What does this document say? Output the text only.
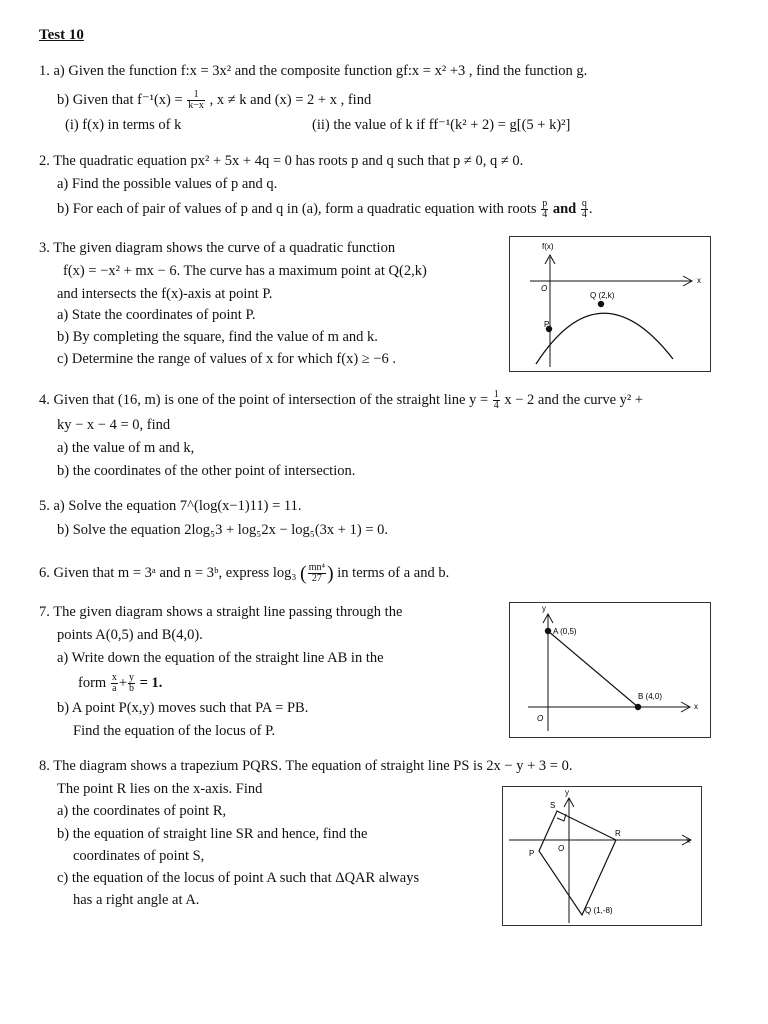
Test 10
1. a) Given the function f:x = 3x² and the composite function gf:x = x² +3 , find the function g.
b) Given that $f^{-1}(x) = \frac{1}{k-x}$ , x ≠ k and (x) = 2 + x , find
(i) f(x) in terms of k	(ii) the value of k if ff⁻¹(k² + 2) = g[(5 + k)²]
2. The quadratic equation px² + 5x + 4q = 0 has roots p and q such that p ≠ 0, q ≠ 0.
a) Find the possible values of p and q.
b) For each of pair of values of p and q in (a), form a quadratic equation with roots $\frac{p}{4}$ and $\frac{q}{4}$ .
3. The given diagram shows the curve of a quadratic function
f(x) = −x² + mx − 6. The curve has a maximum point at Q(2,k)
and intersects the f(x)-axis at point P.
a) State the coordinates of point P.
b) By completing the square, find the value of m and k.
c) Determine the range of values of x for which f(x) ≥ −6 .
f(x)
x
O
Q (2,k)
P
4. Given that (16, m) is one of the point of intersection of the straight line $y = \frac{1}{4}$ x − 2 and the curve y² +
ky − x − 4 = 0, find
a) the value of m and k,
b) the coordinates of the other point of intersection.
5. a) Solve the equation 7^(log(x−1)11) = 11.
b) Solve the equation 2log₅3 + log₅2x − log₅(3x + 1) = 0.
6. Given that m = 3ᵃ and n = 3ᵇ, express log₃ ( $\frac{\text{mn⁴}}{27}$ ) in terms of a and b.
7. The given diagram shows a straight line passing through the
points A(0,5) and B(4,0).
a) Write down the equation of the straight line AB in the
form $\frac{x}{a} + \frac{y}{b} = 1$.
b) A point P(x,y) moves such that PA = PB.
Find the equation of the locus of P.
y
x
O
A (0,5)
B (4,0)
8. The diagram shows a trapezium PQRS. The equation of straight line PS is 2x − y + 3 = 0.
The point R lies on the x-axis. Find
a) the coordinates of point R,
b) the equation of straight line SR and hence, find the
coordinates of point S,
c) the equation of the locus of point A such that ΔQAR always
has a right angle at A.
y
x
O
S
R
P
Q (1,-8)
